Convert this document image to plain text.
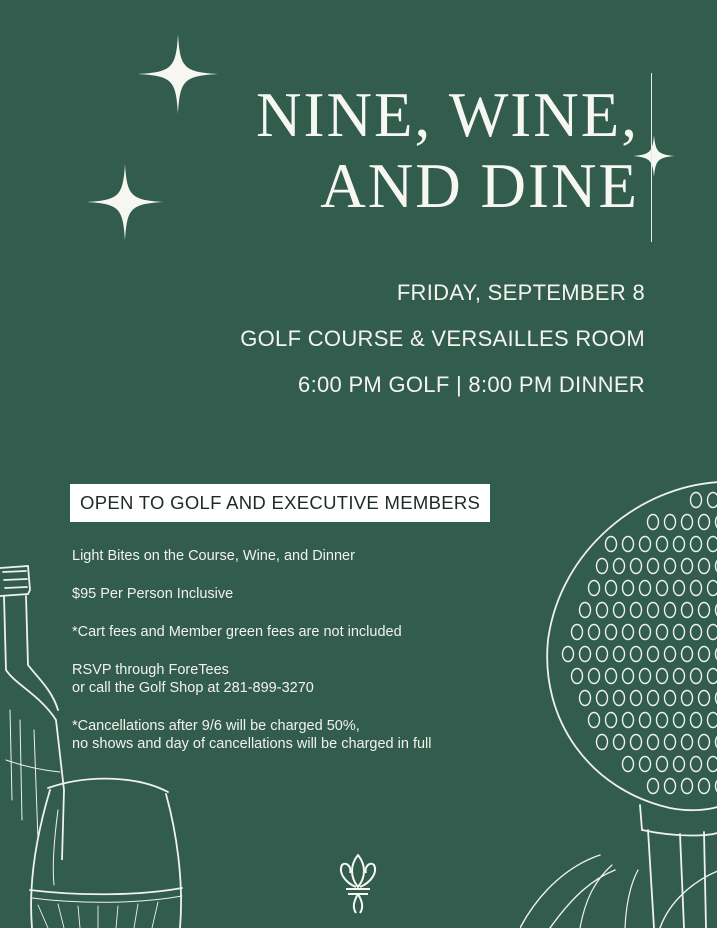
NINE, WINE,
AND DINE
FRIDAY, SEPTEMBER 8
GOLF COURSE & VERSAILLES ROOM
6:00 PM GOLF | 8:00 PM DINNER
OPEN TO GOLF AND EXECUTIVE MEMBERS

Light Bites on the Course, Wine, and Dinner

$95 Per Person Inclusive

*Cart fees and Member green fees are not included

RSVP through ForeTees
or call the Golf Shop at 281-899-3270

*Cancellations after 9/6 will be charged 50%,
no shows and day of cancellations will be charged in full
